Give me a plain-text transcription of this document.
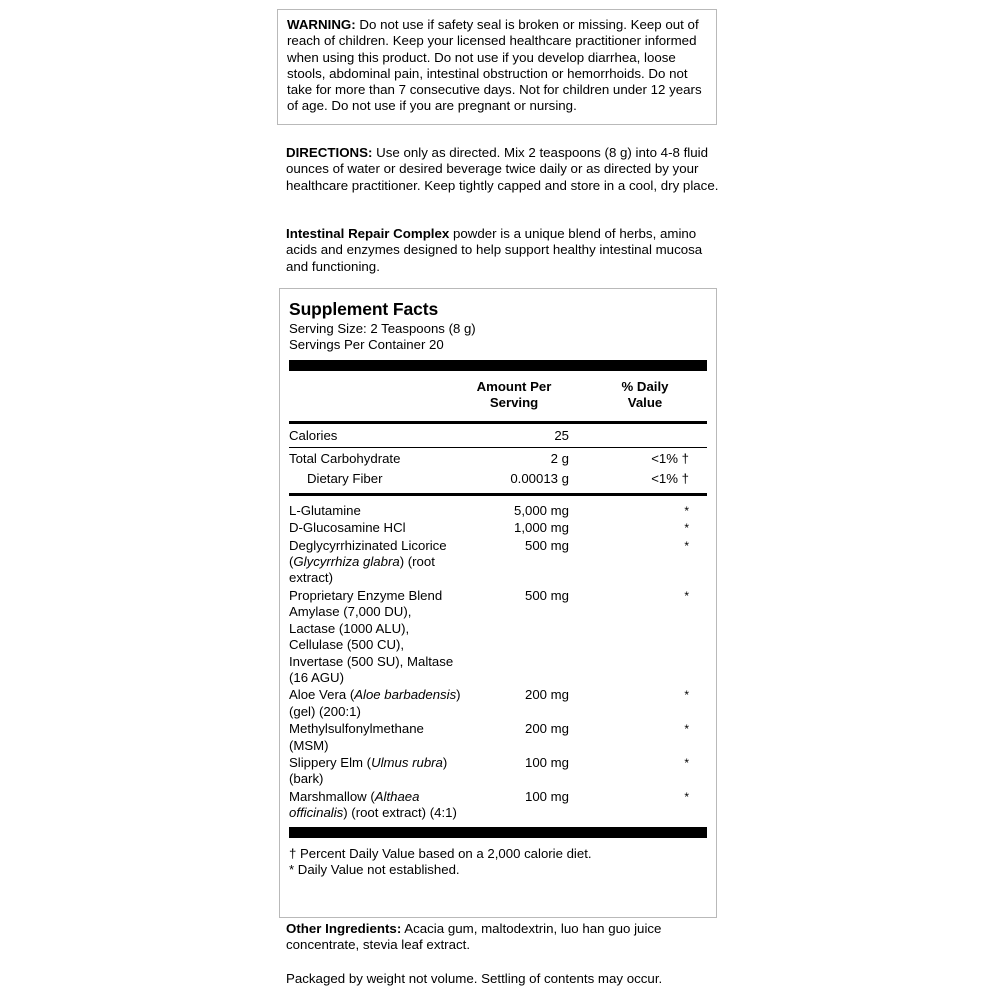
WARNING: Do not use if safety seal is broken or missing. Keep out of reach of children. Keep your licensed healthcare practitioner informed when using this product. Do not use if you develop diarrhea, loose stools, abdominal pain, intestinal obstruction or hemorrhoids. Do not take for more than 7 consecutive days. Not for children under 12 years of age. Do not use if you are pregnant or nursing.

DIRECTIONS: Use only as directed. Mix 2 teaspoons (8 g) into 4-8 fluid ounces of water or desired beverage twice daily or as directed by your healthcare practitioner. Keep tightly capped and store in a cool, dry place.
Intestinal Repair Complex powder is a unique blend of herbs, amino acids and enzymes designed to help support healthy intestinal mucosa and functioning.
Supplement Facts
Serving Size: 2 Teaspoons (8 g)
Servings Per Container 20
Amount Per
Serving
% Daily
Value
Calories	25
Total Carbohydrate	2 g	<1% †
Dietary Fiber	0.00013 g	<1% †
L-Glutamine	5,000 mg	*
D-Glucosamine HCl	1,000 mg	*
Deglycyrrhizinated Licorice (Glycyrrhiza glabra) (root extract)
500 mg	*
Proprietary Enzyme Blend Amylase (7,000 DU), Lactase (1000 ALU), Cellulase (500 CU), Invertase (500 SU), Maltase (16 AGU)
500 mg	*
Aloe Vera (Aloe barbadensis) (gel) (200:1)
200 mg	*
Methylsulfonylmethane (MSM)
200 mg	*
Slippery Elm (Ulmus rubra) (bark)
100 mg	*
Marshmallow (Althaea officinalis) (root extract) (4:1)
100 mg	*
† Percent Daily Value based on a 2,000 calorie diet.
* Daily Value not established.
Other Ingredients: Acacia gum, maltodextrin, luo han guo juice concentrate, stevia leaf extract.
Packaged by weight not volume. Settling of contents may occur.
